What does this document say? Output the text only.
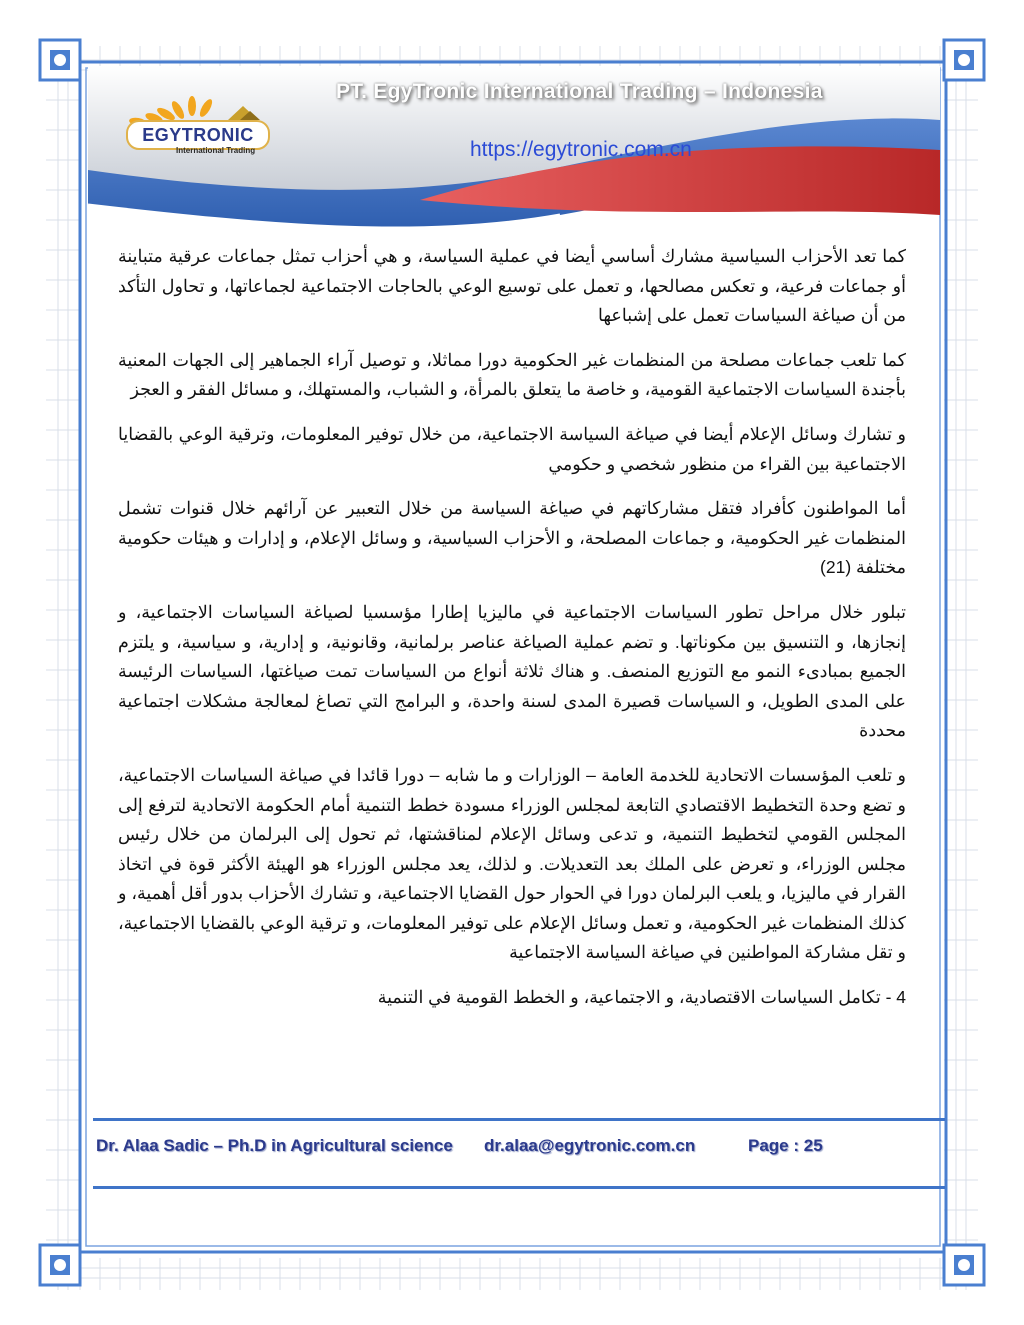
EGYTRONIC
International Trading
PT. EgyTronic International Trading – Indonesia
https://egytronic.com.cn

كما تعد الأحزاب السياسية مشارك أساسي أيضا في عملية السياسة، و هي أحزاب تمثل جماعات عرقية متباينة أو جماعات فرعية، و تعكس مصالحها، و تعمل على توسيع الوعي بالحاجات الاجتماعية لجماعاتها، و تحاول التأكد من أن صياغة السياسات تعمل على إشباعها

كما تلعب جماعات مصلحة من المنظمات غير الحكومية دورا مماثلا، و توصيل آراء الجماهير إلى الجهات المعنية بأجندة السياسات الاجتماعية القومية، و خاصة ما يتعلق بالمرأة، و الشباب، والمستهلك، و مسائل الفقر و العجز

و تشارك وسائل الإعلام أيضا في صياغة السياسة الاجتماعية، من خلال توفير المعلومات، وترقية الوعي بالقضايا الاجتماعية بين القراء من منظور شخصي و حكومي

أما المواطنون كأفراد فتقل مشاركاتهم في صياغة السياسة من خلال التعبير عن آرائهم خلال قنوات تشمل المنظمات غير الحكومية، و جماعات المصلحة، و الأحزاب السياسية، و وسائل الإعلام، و إدارات و هيئات حكومية مختلفة (21)

تبلور خلال مراحل تطور السياسات الاجتماعية في ماليزيا إطارا مؤسسيا لصياغة السياسات الاجتماعية، و إنجازها، و التنسيق بين مكوناتها. و تضم عملية الصياغة عناصر برلمانية، وقانونية، و إدارية، و سياسية، و يلتزم الجميع بمبادىء النمو مع التوزيع المنصف. و هناك ثلاثة أنواع من السياسات تمت صياغتها، السياسات الرئيسة على المدى الطويل، و السياسات قصيرة المدى لسنة واحدة، و البرامج التي تصاغ لمعالجة مشكلات اجتماعية محددة

و تلعب المؤسسات الاتحادية للخدمة العامة – الوزارات و ما شابه – دورا قائدا في صياغة السياسات الاجتماعية، و تضع وحدة التخطيط الاقتصادي التابعة لمجلس الوزراء مسودة خطط التنمية أمام الحكومة الاتحادية لترفع إلى المجلس القومي لتخطيط التنمية، و تدعى وسائل الإعلام لمناقشتها، ثم تحول إلى البرلمان من خلال رئيس مجلس الوزراء، و تعرض على الملك بعد التعديلات. و لذلك، يعد مجلس الوزراء هو الهيئة الأكثر قوة في اتخاذ القرار في ماليزيا، و يلعب البرلمان دورا في الحوار حول القضايا الاجتماعية، و تشارك الأحزاب بدور أقل أهمية، و كذلك المنظمات غير الحكومية، و تعمل وسائل الإعلام على توفير المعلومات، و ترقية الوعي بالقضايا الاجتماعية، و تقل مشاركة المواطنين في صياغة السياسة الاجتماعية

4 - تكامل السياسات الاقتصادية، و الاجتماعية، و الخطط القومية في التنمية

Dr. Alaa Sadic – Ph.D in Agricultural science dr.alaa@egytronic.com.cn	Page : 25
